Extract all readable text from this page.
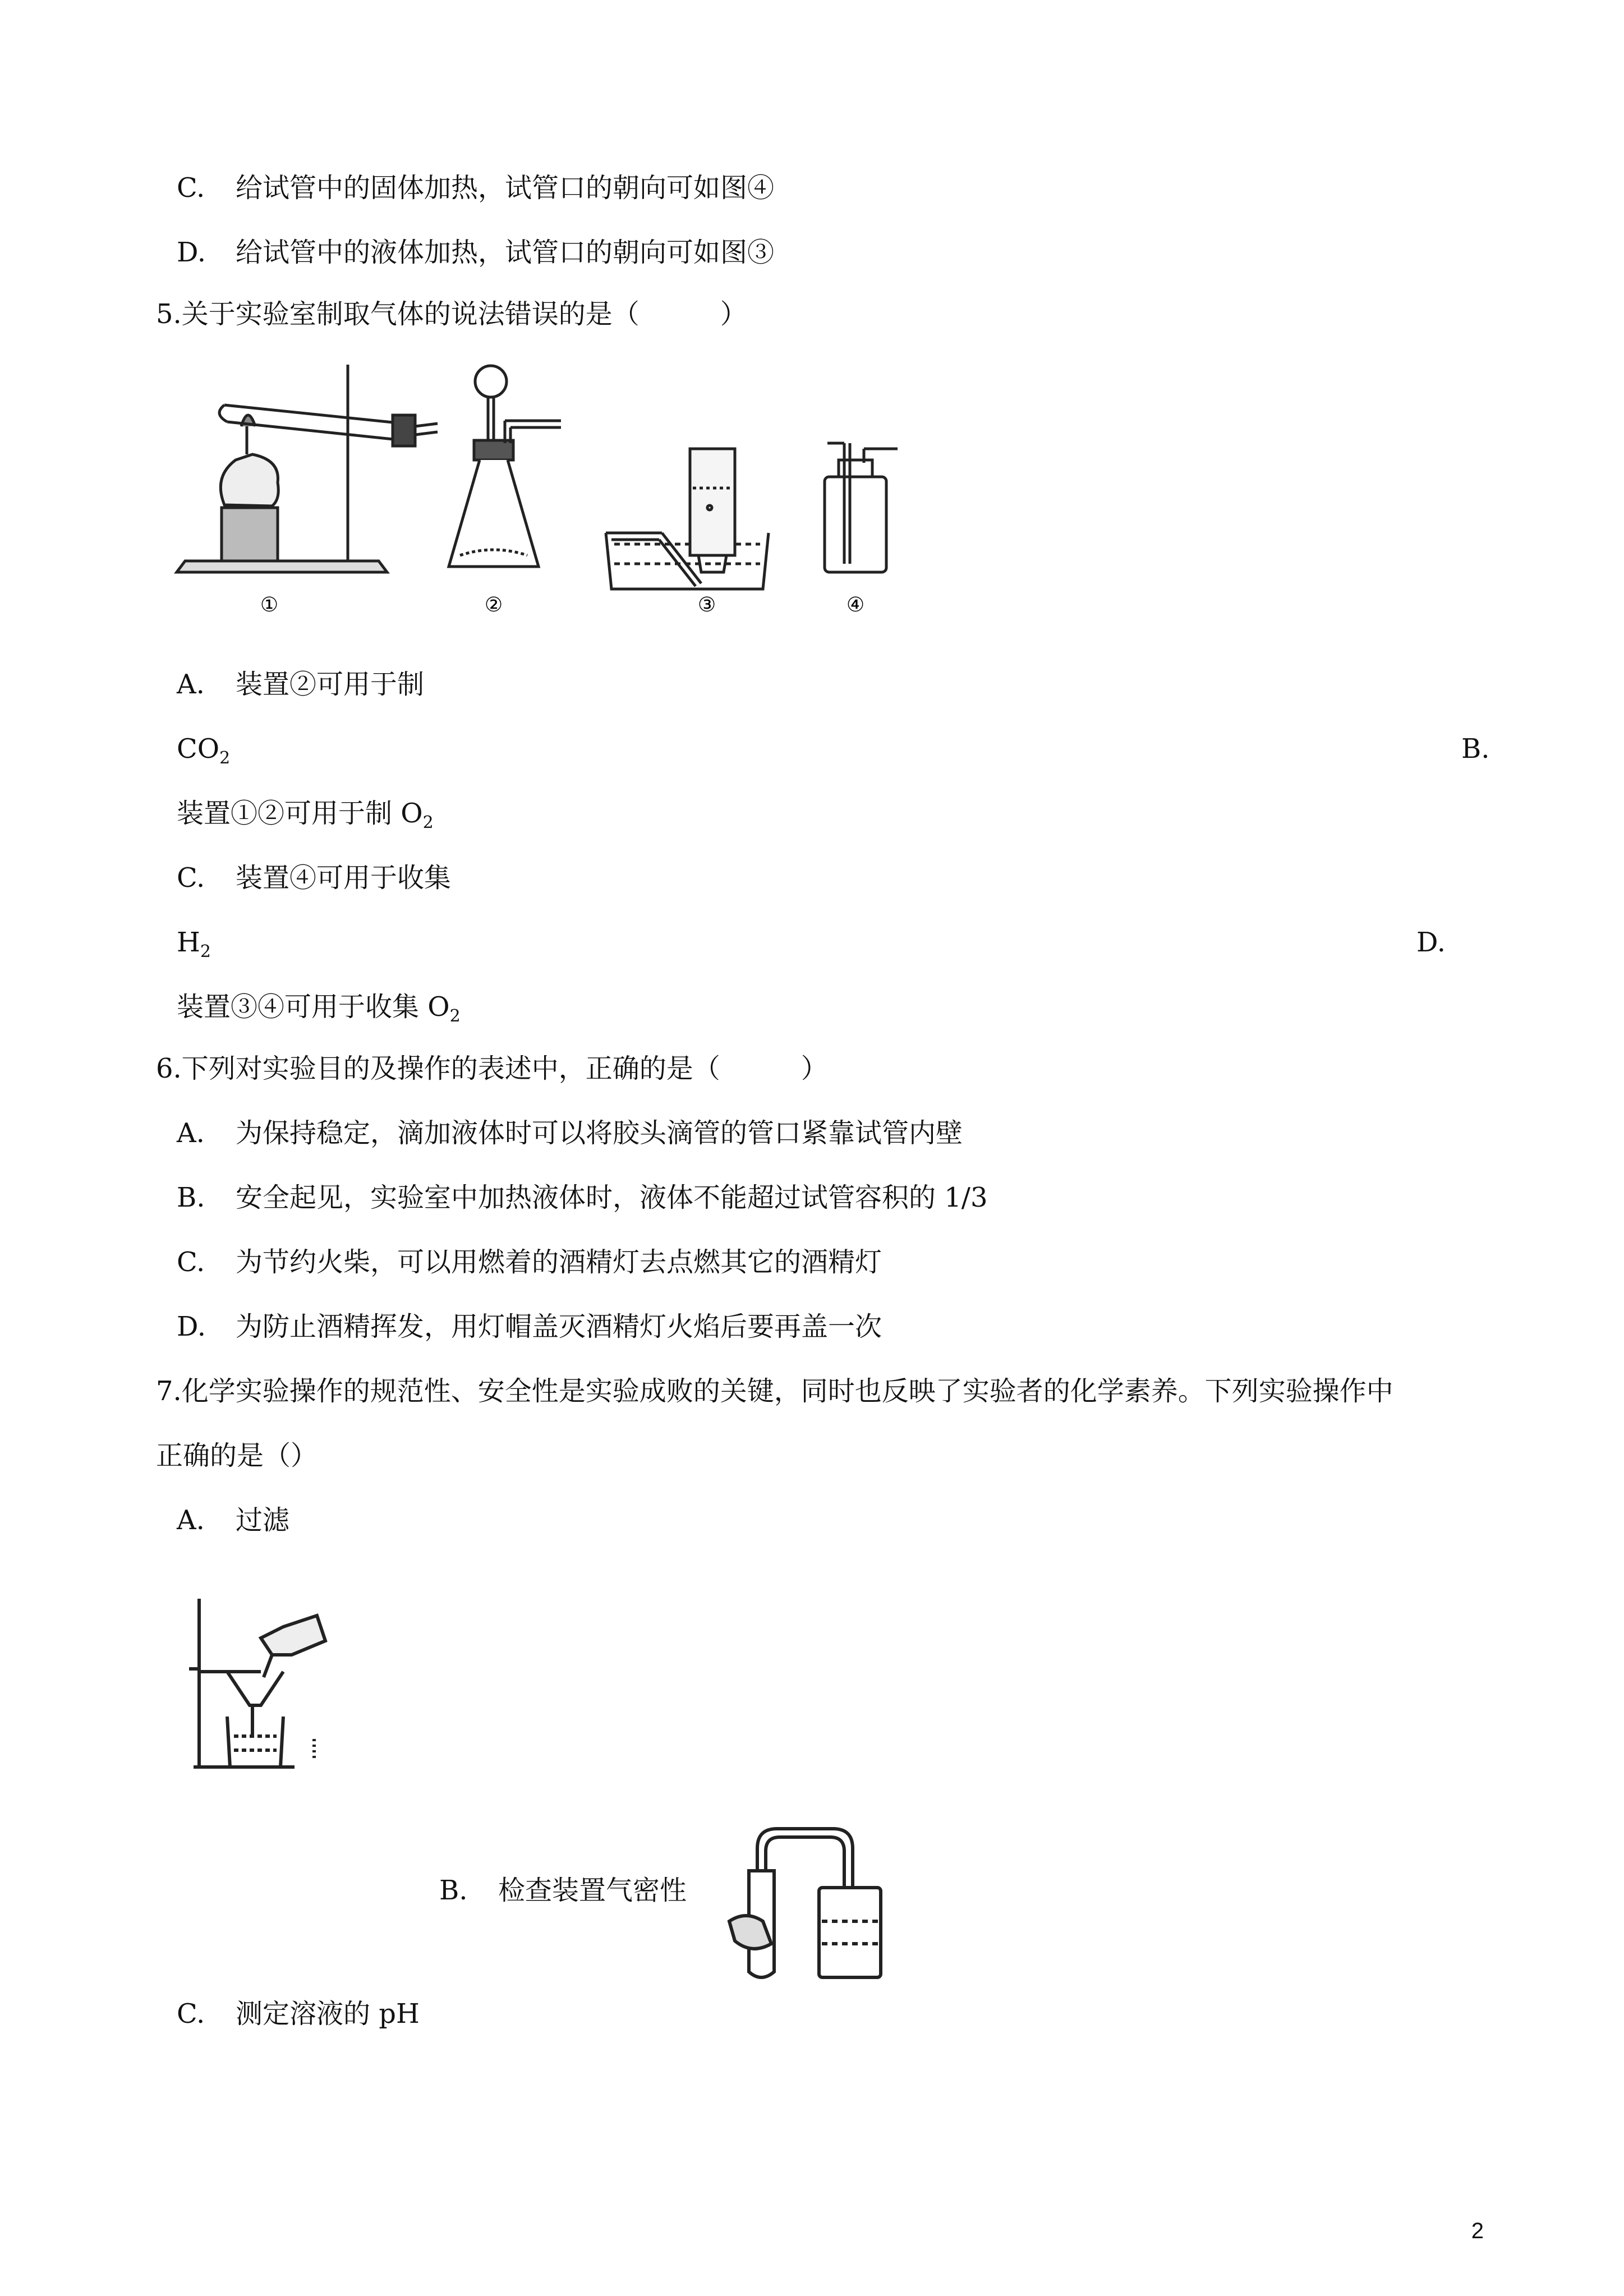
C. 给试管中的固体加热，试管口的朝向可如图④
D. 给试管中的液体加热，试管口的朝向可如图③
5.关于实验室制取气体的说法错误的是（　　　）
①	②	③	④
A. 装置②可用于制
$CO_2$	B.
装置①②可用于制 $O_2$
C. 装置④可用于收集
$H_2$	D.
装置③④可用于收集 $O_2$
6.下列对实验目的及操作的表述中，正确的是（　　　）
A. 为保持稳定，滴加液体时可以将胶头滴管的管口紧靠试管内壁
B. 安全起见，实验室中加热液体时，液体不能超过试管容积的 1/3
C. 为节约火柴，可以用燃着的酒精灯去点燃其它的酒精灯
D. 为防止酒精挥发，用灯帽盖灭酒精灯火焰后要再盖一次
7.化学实验操作的规范性、安全性是实验成败的关键，同时也反映了实验者的化学素养。下列实验操作中
正确的是（）
A. 过滤
B. 检查装置气密性
C. 测定溶液的 pH
2
